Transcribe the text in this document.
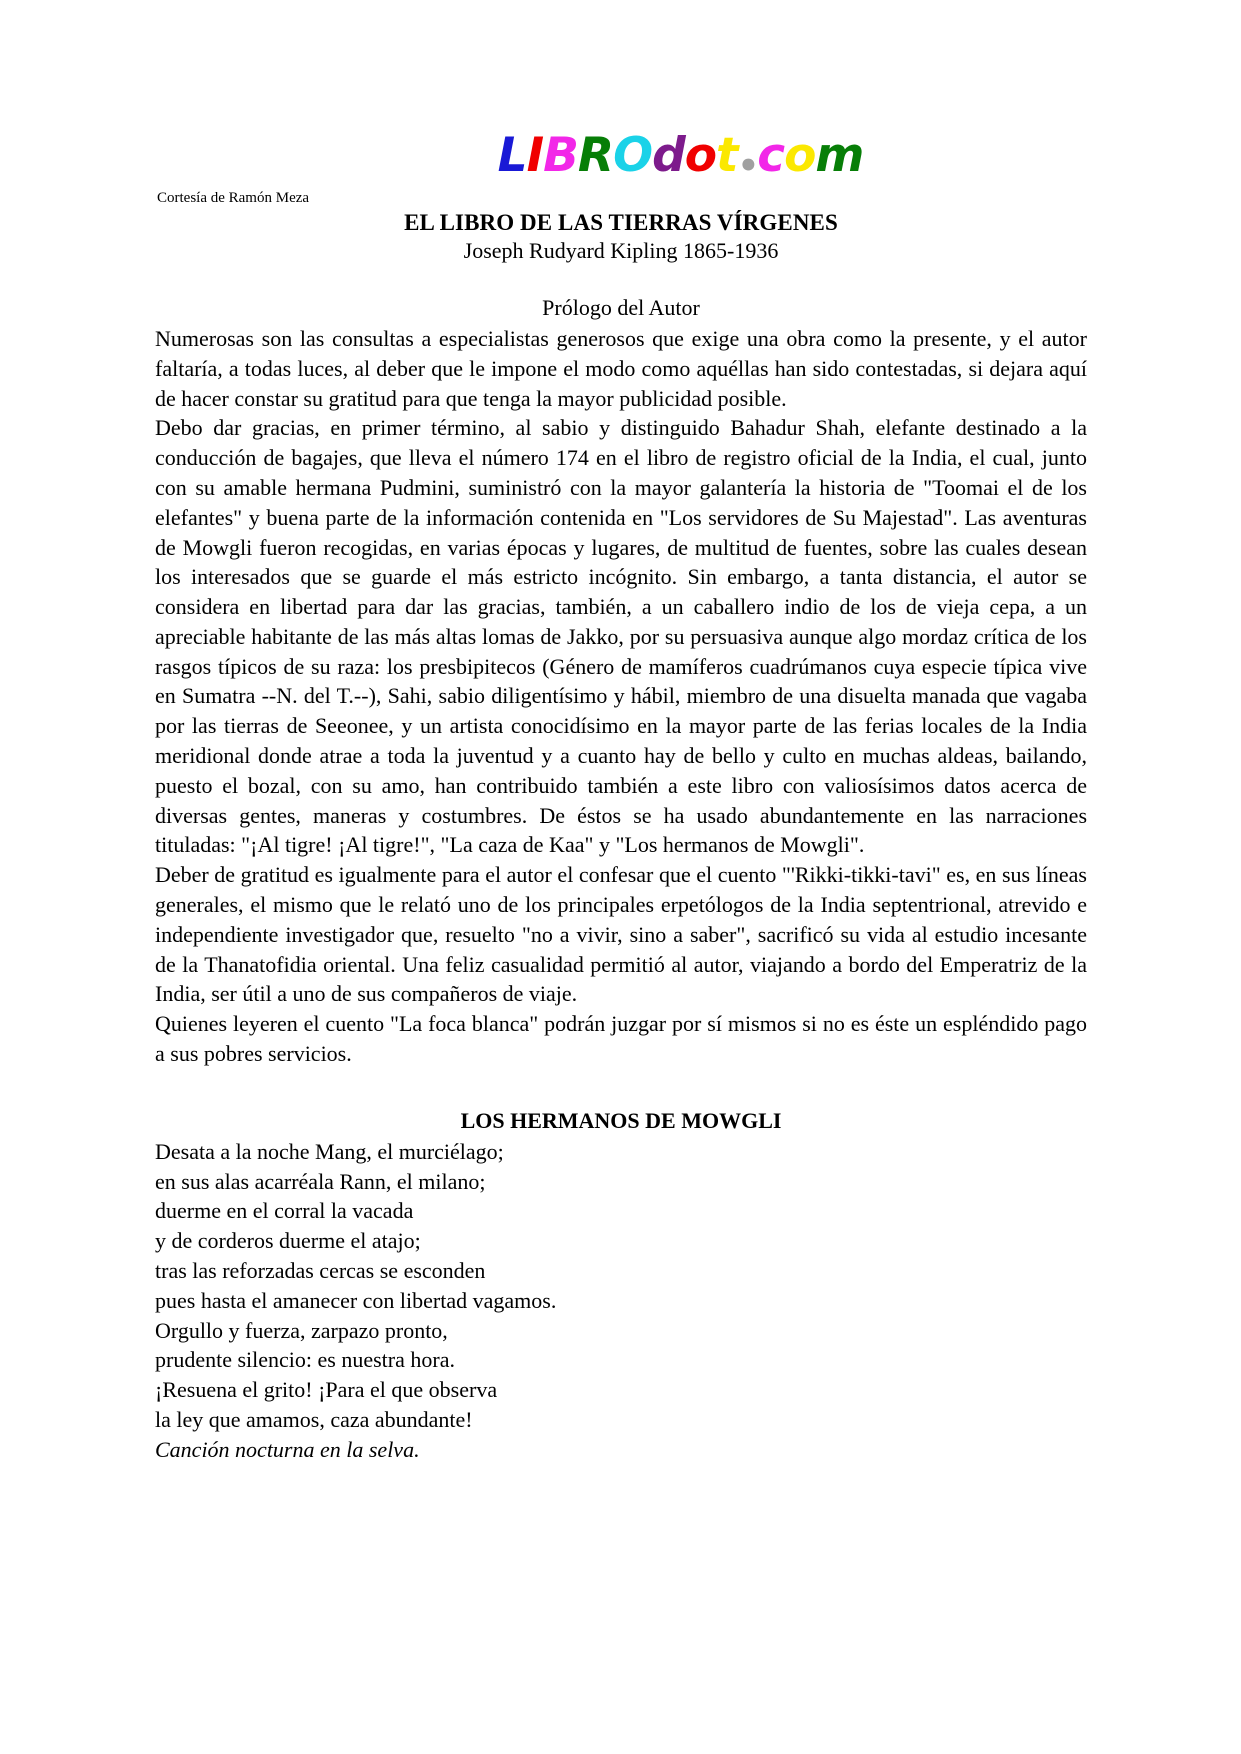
LIBROdot•com
Cortesía de Ramón Meza
EL LIBRO DE LAS TIERRAS VÍRGENES
Joseph Rudyard Kipling 1865-1936
Prólogo del Autor

Numerosas son las consultas a especialistas generosos que exige una obra como la presente, y el autor faltaría, a todas luces, al deber que le impone el modo como aquéllas han sido contestadas, si dejara aquí de hacer constar su gratitud para que tenga la mayor publicidad posible.

Debo dar gracias, en primer término, al sabio y distinguido Bahadur Shah, elefante destinado a la conducción de bagajes, que lleva el número 174 en el libro de registro oficial de la India, el cual, junto con su amable hermana Pudmini, suministró con la mayor galantería la historia de "Toomai el de los elefantes" y buena parte de la información contenida en "Los servidores de Su Majestad". Las aventuras de Mowgli fueron recogidas, en varias épocas y lugares, de multitud de fuentes, sobre las cuales desean los interesados que se guarde el más estricto incógnito. Sin embargo, a tanta distancia, el autor se considera en libertad para dar las gracias, también, a un caballero indio de los de vieja cepa, a un apreciable habitante de las más altas lomas de Jakko, por su persuasiva aunque algo mordaz crítica de los rasgos típicos de su raza: los presbipitecos (Género de mamíferos cuadrúmanos cuya especie típica vive en Sumatra --N. del T.--), Sahi, sabio diligentísimo y hábil, miembro de una disuelta manada que vagaba por las tierras de Seeonee, y un artista conocidísimo en la mayor parte de las ferias locales de la India meridional donde atrae a toda la juventud y a cuanto hay de bello y culto en muchas aldeas, bailando, puesto el bozal, con su amo, han contribuido también a este libro con valiosísimos datos acerca de diversas gentes, maneras y costumbres. De éstos se ha usado abundantemente en las narraciones tituladas: "¡Al tigre! ¡Al tigre!", "La caza de Kaa" y "Los hermanos de Mowgli".

Deber de gratitud es igualmente para el autor el confesar que el cuento "'Rikki-tikki-tavi" es, en sus líneas generales, el mismo que le relató uno de los principales erpetólogos de la India septentrional, atrevido e independiente investigador que, resuelto "no a vivir, sino a saber", sacrificó su vida al estudio incesante de la Thanatofidia oriental. Una feliz casualidad permitió al autor, viajando a bordo del Emperatriz de la India, ser útil a uno de sus compañeros de viaje.

Quienes leyeren el cuento "La foca blanca" podrán juzgar por sí mismos si no es éste un espléndido pago a sus pobres servicios.

LOS HERMANOS DE MOWGLI
Desata a la noche Mang, el murciélago;
en sus alas acarréala Rann, el milano;
duerme en el corral la vacada
y de corderos duerme el atajo;
tras las reforzadas cercas se esconden
pues hasta el amanecer con libertad vagamos.
Orgullo y fuerza, zarpazo pronto,
prudente silencio: es nuestra hora.
¡Resuena el grito! ¡Para el que observa
la ley que amamos, caza abundante!
Canción nocturna en la selva.
